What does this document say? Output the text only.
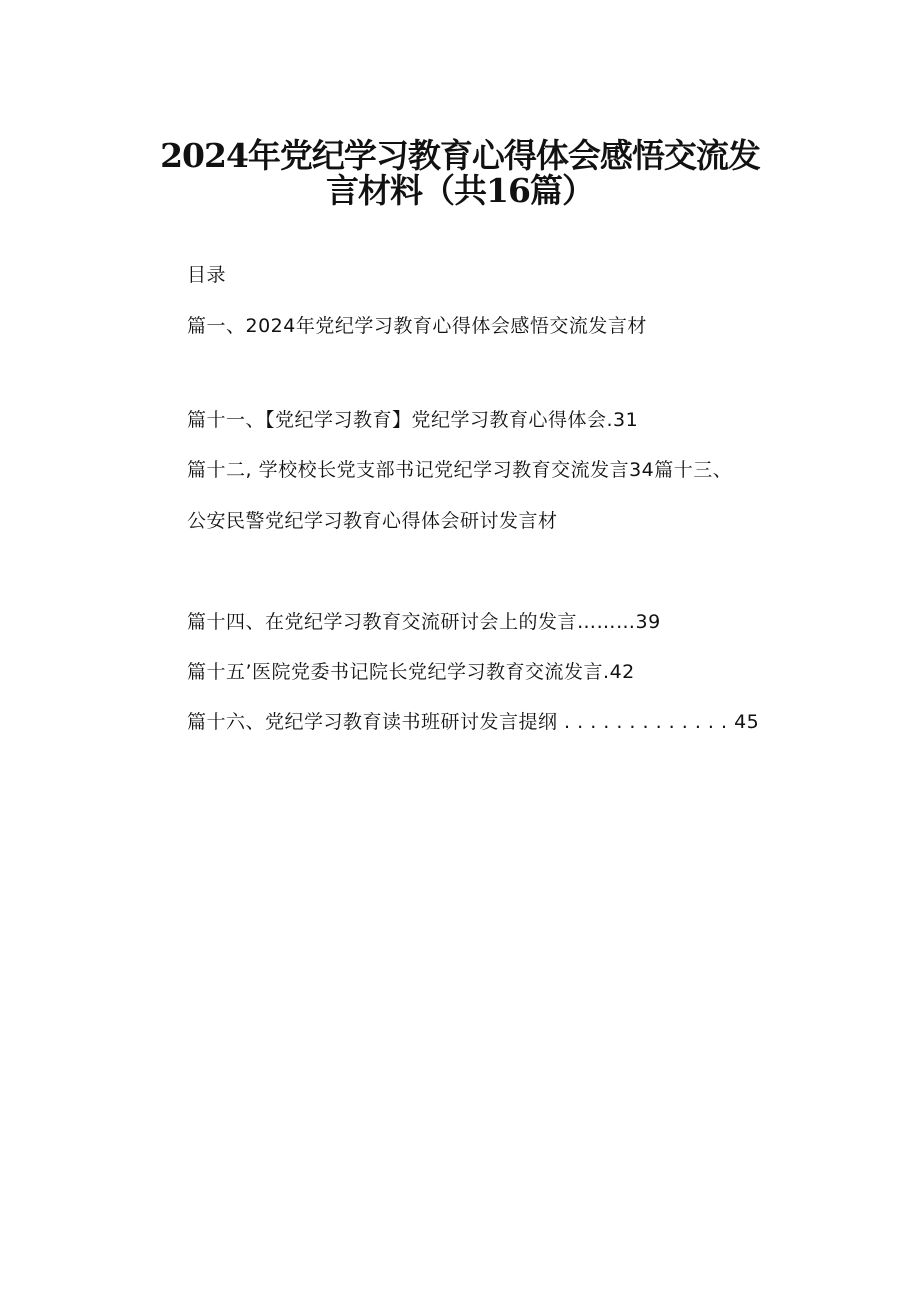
2024年党纪学习教育心得体会感悟交流发
言材料（共16篇）
目录
篇一、2024年党纪学习教育心得体会感悟交流发言材
篇十一、【党纪学习教育】党纪学习教育心得体会.31
篇十二, 学校校长党支部书记党纪学习教育交流发言34篇十三、
公安民警党纪学习教育心得体会研讨发言材
篇十四、在党纪学习教育交流研讨会上的发言………39
篇十五’医院党委书记院长党纪学习教育交流发言.42
篇十六、党纪学习教育读书班研讨发言提纲 . . . . . . . . . . . . . 45
